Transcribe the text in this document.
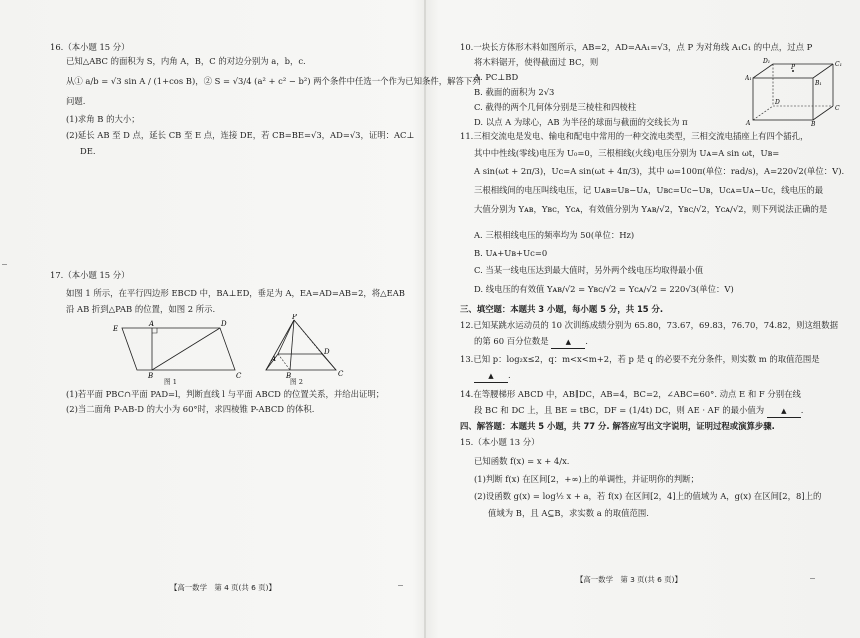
16.（本小题 15 分）
已知△ABC 的面积为 S，内角 A，B，C 的对边分别为 a，b，c.
从① a/b = √3 sin A / (1+cos B)，② S = √3/4 (a² + c² − b²) 两个条件中任选一个作为已知条件，解答下列
问题.
(1)求角 B 的大小；
(2)延长 AB 至 D 点，延长 CB 至 E 点，连接 DE，若 CB=BE=√3，AD=√3，证明：AC⊥
DE.
17.（本小题 15 分）
如图 1 所示，在平行四边形 EBCD 中，BA⊥ED，垂足为 A，EA=AD=AB=2，将△EAB
沿 AB 折到△PAB 的位置，如图 2 所示.
E
A	D
B	C
图 1
P
A
B	C
D
图 2
(1)若平面 PBC∩平面 PAD=l，判断直线 l 与平面 ABCD 的位置关系，并给出证明；
(2)当二面角 P-AB-D 的大小为 60°时，求四棱锥 P-ABCD 的体积.
【高一数学　第 4 页(共 6 页)】
10.一块长方体形木料如图所示，AB=2，AD=AA₁=√3，点 P 为对角线 A₁C₁ 的中点，过点 P
将木料锯开，使得截面过 BC，则
A. PC⊥BD
B. 截面的面积为 2√3
C. 截得的两个几何体分别是三棱柱和四棱柱
D. 以点 A 为球心，AB 为半径的球面与截面的交线长为 π
D₁
P	C₁
A₁
B₁
D
C
A	B
11.三相交流电是发电、输电和配电中常用的一种交流电类型，三相交流电插座上有四个插孔，
其中中性线(零线)电压为 U₀=0，三根相线(火线)电压分别为 Uᴀ=A sin ωt，Uʙ=
A sin(ωt + 2π/3)，Uᴄ=A sin(ωt + 4π/3)，其中 ω=100π(单位：rad/s)，A=220√2(单位：V).
三根相线间的电压叫线电压，记 Uᴀʙ=Uʙ−Uᴀ，Uʙᴄ=Uᴄ−Uʙ，Uᴄᴀ=Uᴀ−Uᴄ，线电压的最
大值分别为 Yᴀʙ，Yʙᴄ，Yᴄᴀ，有效值分别为 Yᴀʙ/√2，Yʙᴄ/√2，Yᴄᴀ/√2，则下列说法正确的是
A. 三根相线电压的频率均为 50(单位：Hz)
B. Uᴀ+Uʙ+Uᴄ=0
C. 当某一线电压达到最大值时，另外两个线电压均取得最小值
D. 线电压的有效值 Yᴀʙ/√2 = Yʙᴄ/√2 = Yᴄᴀ/√2 = 220√3(单位：V)
三、填空题：本题共 3 小题，每小题 5 分，共 15 分.
12.已知某跳水运动员的 10 次训练成绩分别为 65.80，73.67，69.83，76.70，74.82，则这组数据
的第 60 百分位数是 ▲ .
13.已知 p：log₂x≤2，q：m<x<m+2，若 p 是 q 的必要不充分条件，则实数 m 的取值范围是
▲ .
14.在等腰梯形 ABCD 中，AB∥DC，AB=4，BC=2，∠ABC=60°. 动点 E 和 F 分别在线
段 BC 和 DC 上，且 BE = tBC，DF = (1/4t) DC，则 AE · AF 的最小值为 ▲ .
四、解答题：本题共 5 小题，共 77 分. 解答应写出文字说明，证明过程或演算步骤.
15.（本小题 13 分）
已知函数 f(x) = x + 4/x.
(1)判断 f(x) 在区间[2，+∞)上的单调性，并证明你的判断；
(2)设函数 g(x) = log½ x + a，若 f(x) 在区间[2，4]上的值域为 A，g(x) 在区间[2，8]上的
值域为 B，且 A⊆B，求实数 a 的取值范围.
【高一数学　第 3 页(共 6 页)】
